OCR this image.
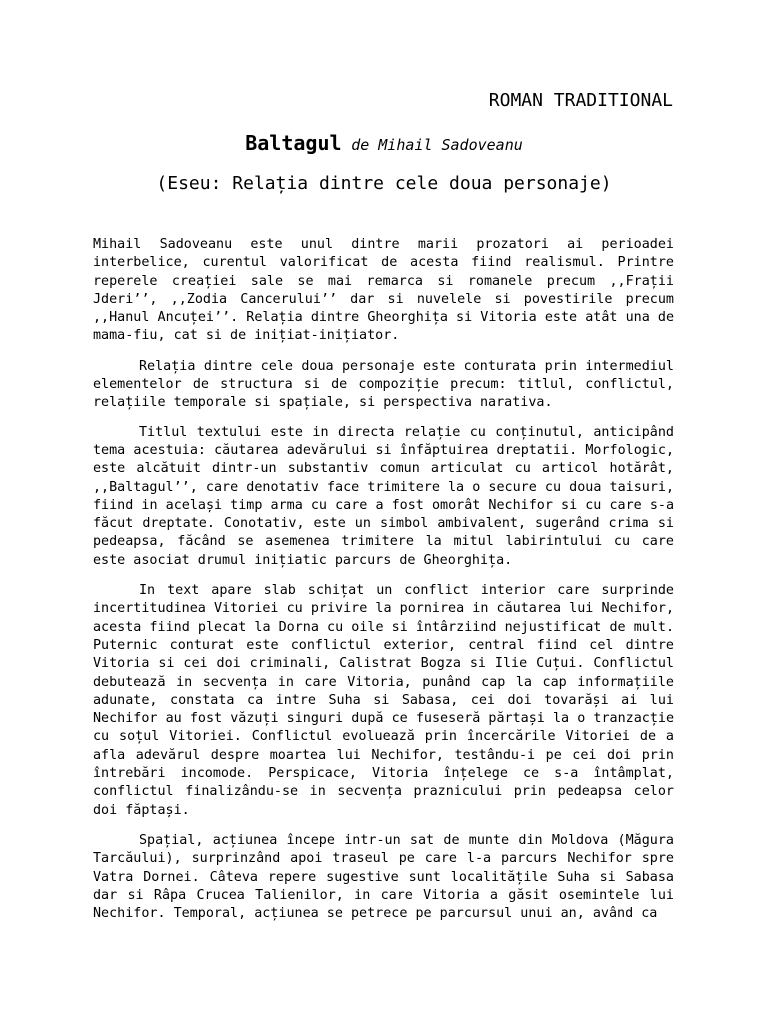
ROMAN TRADITIONAL
Baltagul de Mihail Sadoveanu
(Eseu: Relația dintre cele doua personaje)

Mihail Sadoveanu este unul dintre marii prozatori ai perioadei interbelice, curentul valorificat de acesta fiind realismul. Printre reperele creației sale se mai remarca si romanele precum ,,Frații Jderi’’, ,,Zodia Cancerului’’ dar si nuvelele si povestirile precum ,,Hanul Ancuței’’. Relația dintre Gheorghița si Vitoria este atât una de mama-fiu, cat si de inițiat-inițiator.

Relația dintre cele doua personaje este conturata prin intermediul elementelor de structura si de compoziție precum: titlul, conflictul, relațiile temporale si spațiale, si perspectiva narativa.

Titlul textului este in directa relație cu conținutul, anticipând tema acestuia: căutarea adevărului si înfăptuirea dreptatii. Morfologic, este alcătuit dintr-un substantiv comun articulat cu articol hotărât, ,,Baltagul’’, care denotativ face trimitere la o secure cu doua taisuri, fiind in același timp arma cu care a fost omorât Nechifor si cu care s-a făcut dreptate. Conotativ, este un simbol ambivalent, sugerând crima si pedeapsa, făcând se asemenea trimitere la mitul labirintului cu care este asociat drumul inițiatic parcurs de Gheorghița.

In text apare slab schițat un conflict interior care surprinde incertitudinea Vitoriei cu privire la pornirea in căutarea lui Nechifor, acesta fiind plecat la Dorna cu oile si întârziind nejustificat de mult. Puternic conturat este conflictul exterior, central fiind cel dintre Vitoria si cei doi criminali, Calistrat Bogza si Ilie Cuțui. Conflictul debutează in secvența in care Vitoria, punând cap la cap informațiile adunate, constata ca intre Suha si Sabasa, cei doi tovarăși ai lui Nechifor au fost văzuți singuri după ce fuseseră părtași la o tranzacție cu soțul Vitoriei. Conflictul evoluează prin încercările Vitoriei de a afla adevărul despre moartea lui Nechifor, testându-i pe cei doi prin întrebări incomode. Perspicace, Vitoria înțelege ce s-a întâmplat, conflictul finalizându-se in secvența praznicului prin pedeapsa celor doi făptași.

Spațial, acțiunea începe intr-un sat de munte din Moldova (Măgura Tarcăului), surprinzând apoi traseul pe care l-a parcurs Nechifor spre Vatra Dornei. Câteva repere sugestive sunt localitățile Suha si Sabasa dar si Râpa Crucea Talienilor, in care Vitoria a găsit osemintele lui Nechifor. Temporal, acțiunea se petrece pe parcursul unui an, având ca
